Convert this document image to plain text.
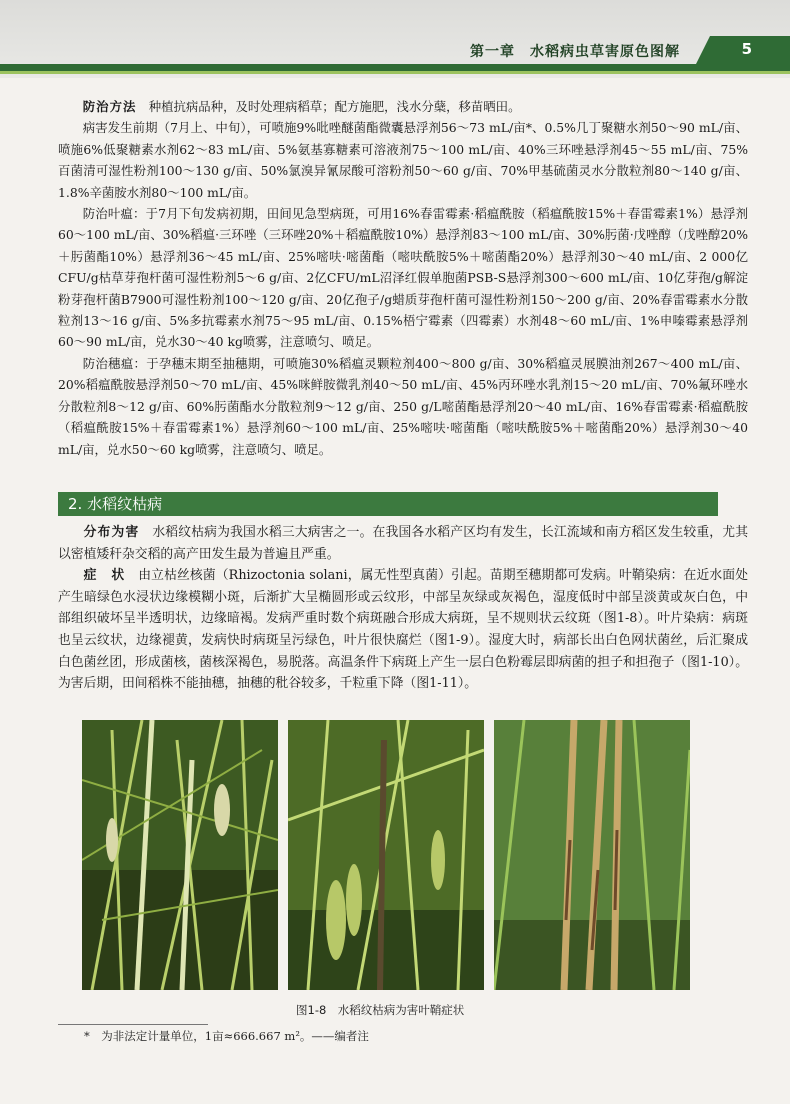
第一章　水稻病虫草害原色图解	5

防治方法　 种植抗病品种，及时处理病稻草；配方施肥，浅水分蘖，移苗晒田。

病害发生前期（7月上、中旬），可喷施9%吡唑醚菌酯微囊悬浮剂56～73 mL/亩*、0.5%几丁聚糖水剂50～90 mL/亩、喷施6%低聚糖素水剂62～83 mL/亩、5%氨基寡糖素可溶液剂75～100 mL/亩、40%三环唑悬浮剂45～55 mL/亩、75%百菌清可湿性粉剂100～130 g/亩、50%氯溴异氰尿酸可溶粉剂50～60 g/亩、70%甲基硫菌灵水分散粒剂80～140 g/亩、1.8%辛菌胺水剂80～100 mL/亩。

防治叶瘟：于7月下旬发病初期，田间见急型病斑，可用16%春雷霉素·稻瘟酰胺（稻瘟酰胺15%＋春雷霉素1%）悬浮剂60～100 mL/亩、30%稻瘟·三环唑（三环唑20%＋稻瘟酰胺10%）悬浮剂83～100 mL/亩、30%肟菌·戊唑醇（戊唑醇20%＋肟菌酯10%）悬浮剂36～45 mL/亩、25%嘧呋·嘧菌酯（嘧呋酰胺5%＋嘧菌酯20%）悬浮剂30～40 mL/亩、2 000亿CFU/g枯草芽孢杆菌可湿性粉剂5～6 g/亩、2亿CFU/mL沼泽红假单胞菌PSB-S悬浮剂300～600 mL/亩、10亿芽孢/g解淀粉芽孢杆菌B7900可湿性粉剂100～120 g/亩、20亿孢子/g蜡质芽孢杆菌可湿性粉剂150～200 g/亩、20%春雷霉素水分散粒剂13～16 g/亩、5%多抗霉素水剂75～95 mL/亩、0.15%梧宁霉素（四霉素）水剂48～60 mL/亩、1%申嗪霉素悬浮剂60～90 mL/亩，兑水30～40 kg喷雾，注意喷匀、喷足。

防治穗瘟：于孕穗末期至抽穗期，可喷施30%稻瘟灵颗粒剂400～800 g/亩、30%稻瘟灵展膜油剂267～400 mL/亩、20%稻瘟酰胺悬浮剂50～70 mL/亩、45%咪鲜胺微乳剂40～50 mL/亩、45%丙环唑水乳剂15～20 mL/亩、70%氟环唑水分散粒剂8～12 g/亩、60%肟菌酯水分散粒剂9～12 g/亩、250 g/L嘧菌酯悬浮剂20～40 mL/亩、16%春雷霉素·稻瘟酰胺（稻瘟酰胺15%＋春雷霉素1%）悬浮剂60～100 mL/亩、25%嘧呋·嘧菌酯（嘧呋酰胺5%＋嘧菌酯20%）悬浮剂30～40 mL/亩，兑水50～60 kg喷雾，注意喷匀、喷足。

2. 水稻纹枯病

分布为害　 水稻纹枯病为我国水稻三大病害之一。在我国各水稻产区均有发生，长江流域和南方稻区发生较重，尤其以密植矮秆杂交稻的高产田发生最为普遍且严重。

症　状　 由立枯丝核菌（Rhizoctonia solani，属无性型真菌）引起。苗期至穗期都可发病。叶鞘染病：在近水面处产生暗绿色水浸状边缘模糊小斑，后渐扩大呈椭圆形或云纹形，中部呈灰绿或灰褐色，湿度低时中部呈淡黄或灰白色，中部组织破坏呈半透明状，边缘暗褐。发病严重时数个病斑融合形成大病斑，呈不规则状云纹斑（图1-8）。叶片染病：病斑也呈云纹状，边缘褪黄，发病快时病斑呈污绿色，叶片很快腐烂（图1-9）。湿度大时，病部长出白色网状菌丝，后汇聚成白色菌丝团，形成菌核，菌核深褐色，易脱落。高温条件下病斑上产生一层白色粉霉层即病菌的担子和担孢子（图1-10）。为害后期，田间稻株不能抽穗，抽穗的秕谷较多，千粒重下降（图1-11）。

图1-8　水稻纹枯病为害叶鞘症状
*　为非法定计量单位，1亩≈666.667 m²。——编者注
